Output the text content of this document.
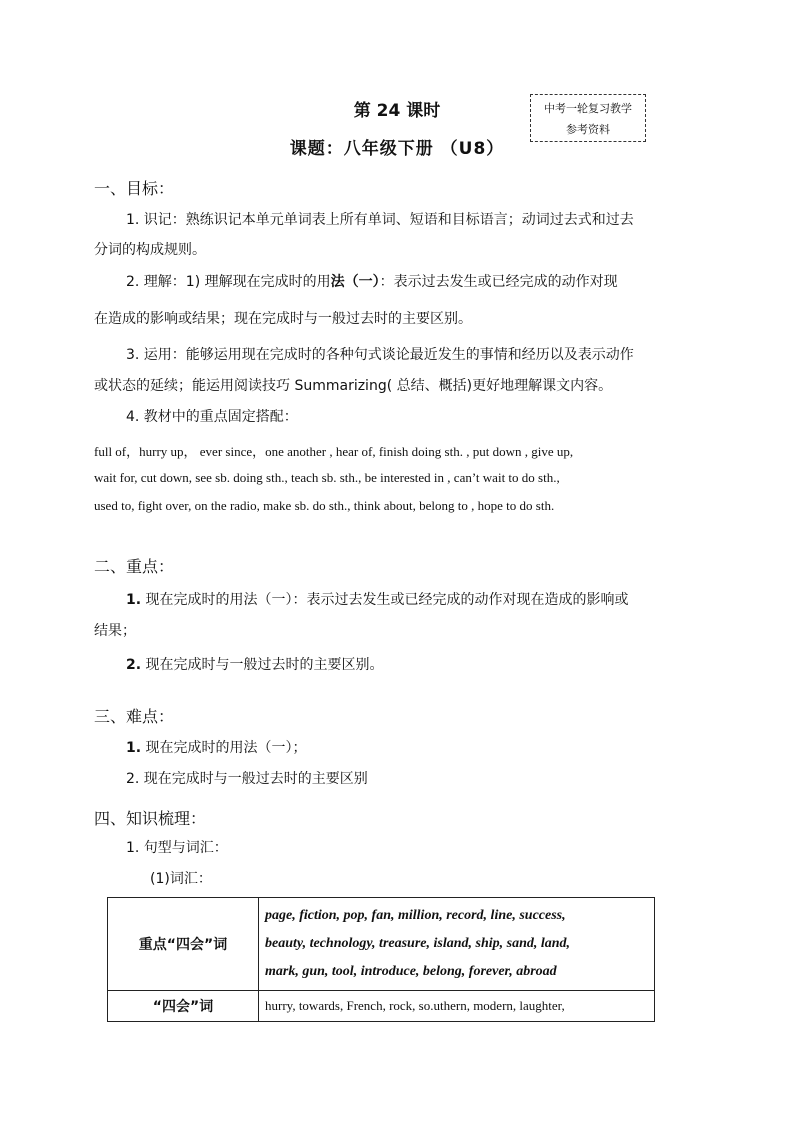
第 24 课时
课题：八年级下册 （U8）
中考一轮复习教学
参考资料
一、目标：
1. 识记：熟练识记本单元单词表上所有单词、短语和目标语言；动词过去式和过去
分词的构成规则。
2. 理解：1) 理解现在完成时的用法（一）：表示过去发生或已经完成的动作对现
在造成的影响或结果；现在完成时与一般过去时的主要区别。
3. 运用：能够运用现在完成时的各种句式谈论最近发生的事情和经历以及表示动作
或状态的延续；能运用阅读技巧 Summarizing( 总结、概括)更好地理解课文内容。
4. 教材中的重点固定搭配：
full of，hurry up， ever since，one another , hear of, finish doing sth. , put down , give up,
wait for, cut down, see sb. doing sth., teach sb. sth., be interested in , can’t wait to do sth.,
used to, fight over, on the radio, make sb. do sth., think about, belong to , hope to do sth.
二、重点：
1. 现在完成时的用法（一）：表示过去发生或已经完成的动作对现在造成的影响或
结果；
2. 现在完成时与一般过去时的主要区别。
三、难点：
1. 现在完成时的用法（一）；
2. 现在完成时与一般过去时的主要区别
四、知识梳理：
1. 句型与词汇：
(1)词汇：
重点“四会”词	page, fiction, pop, fan, million, record, line, success,
beauty, technology, treasure, island, ship, sand, land,
mark, gun, tool, introduce, belong, forever, abroad

“四会”词	hurry, towards, French, rock, so.uthern, modern, laughter,
